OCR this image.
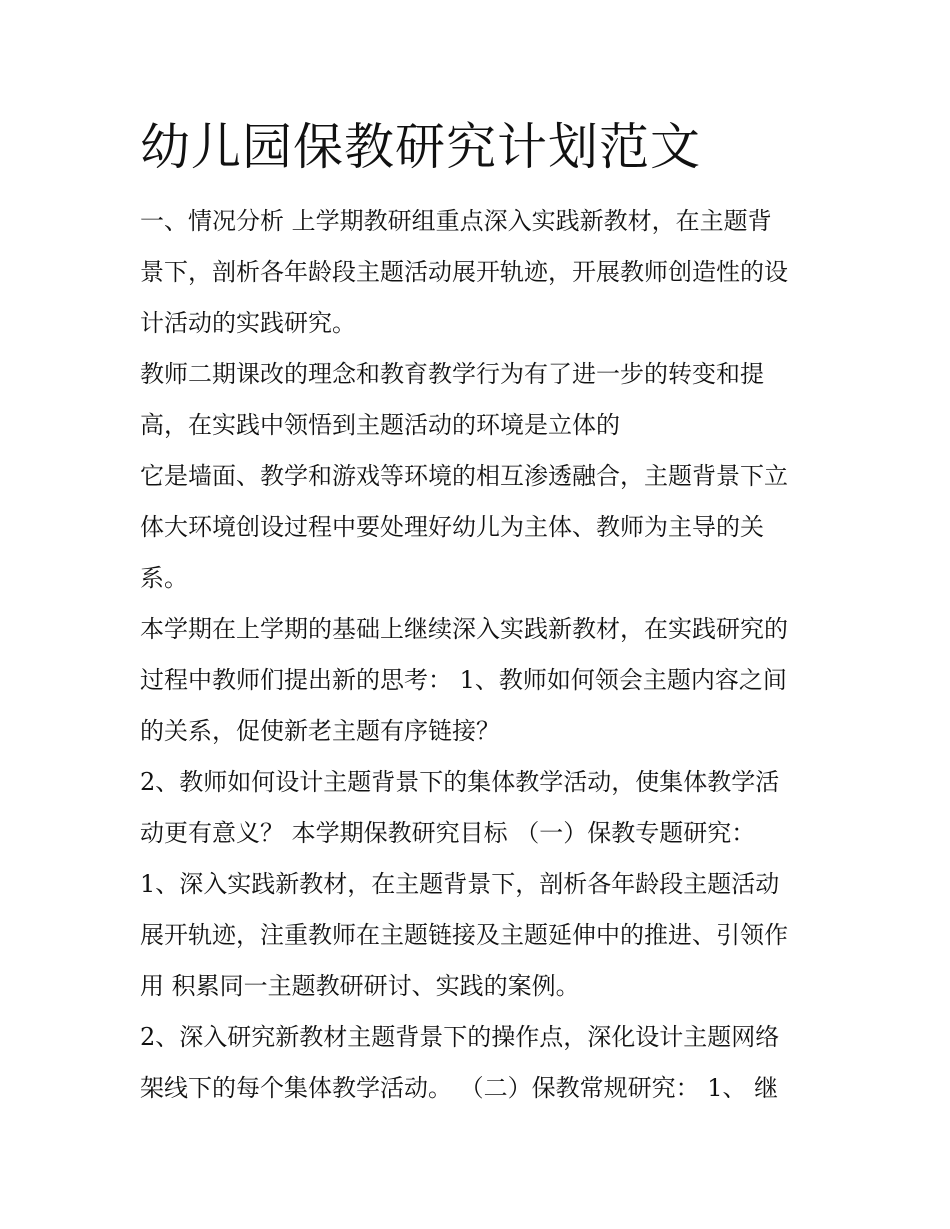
幼儿园保教研究计划范文
一、情况分析 上学期教研组重点深入实践新教材，在主题背
景下，剖析各年龄段主题活动展开轨迹，开展教师创造性的设
计活动的实践研究。
教师二期课改的理念和教育教学行为有了进一步的转变和提
高，在实践中领悟到主题活动的环境是立体的
它是墙面、教学和游戏等环境的相互渗透融合，主题背景下立
体大环境创设过程中要处理好幼儿为主体、教师为主导的关
系。
本学期在上学期的基础上继续深入实践新教材，在实践研究的
过程中教师们提出新的思考： 1、教师如何领会主题内容之间
的关系，促使新老主题有序链接？
2、教师如何设计主题背景下的集体教学活动，使集体教学活
动更有意义？ 本学期保教研究目标 （一）保教专题研究：
1、深入实践新教材，在主题背景下，剖析各年龄段主题活动
展开轨迹，注重教师在主题链接及主题延伸中的推进、引领作
用 积累同一主题教研研讨、实践的案例。
2、深入研究新教材主题背景下的操作点，深化设计主题网络
架线下的每个集体教学活动。 （二）保教常规研究： 1、 继
